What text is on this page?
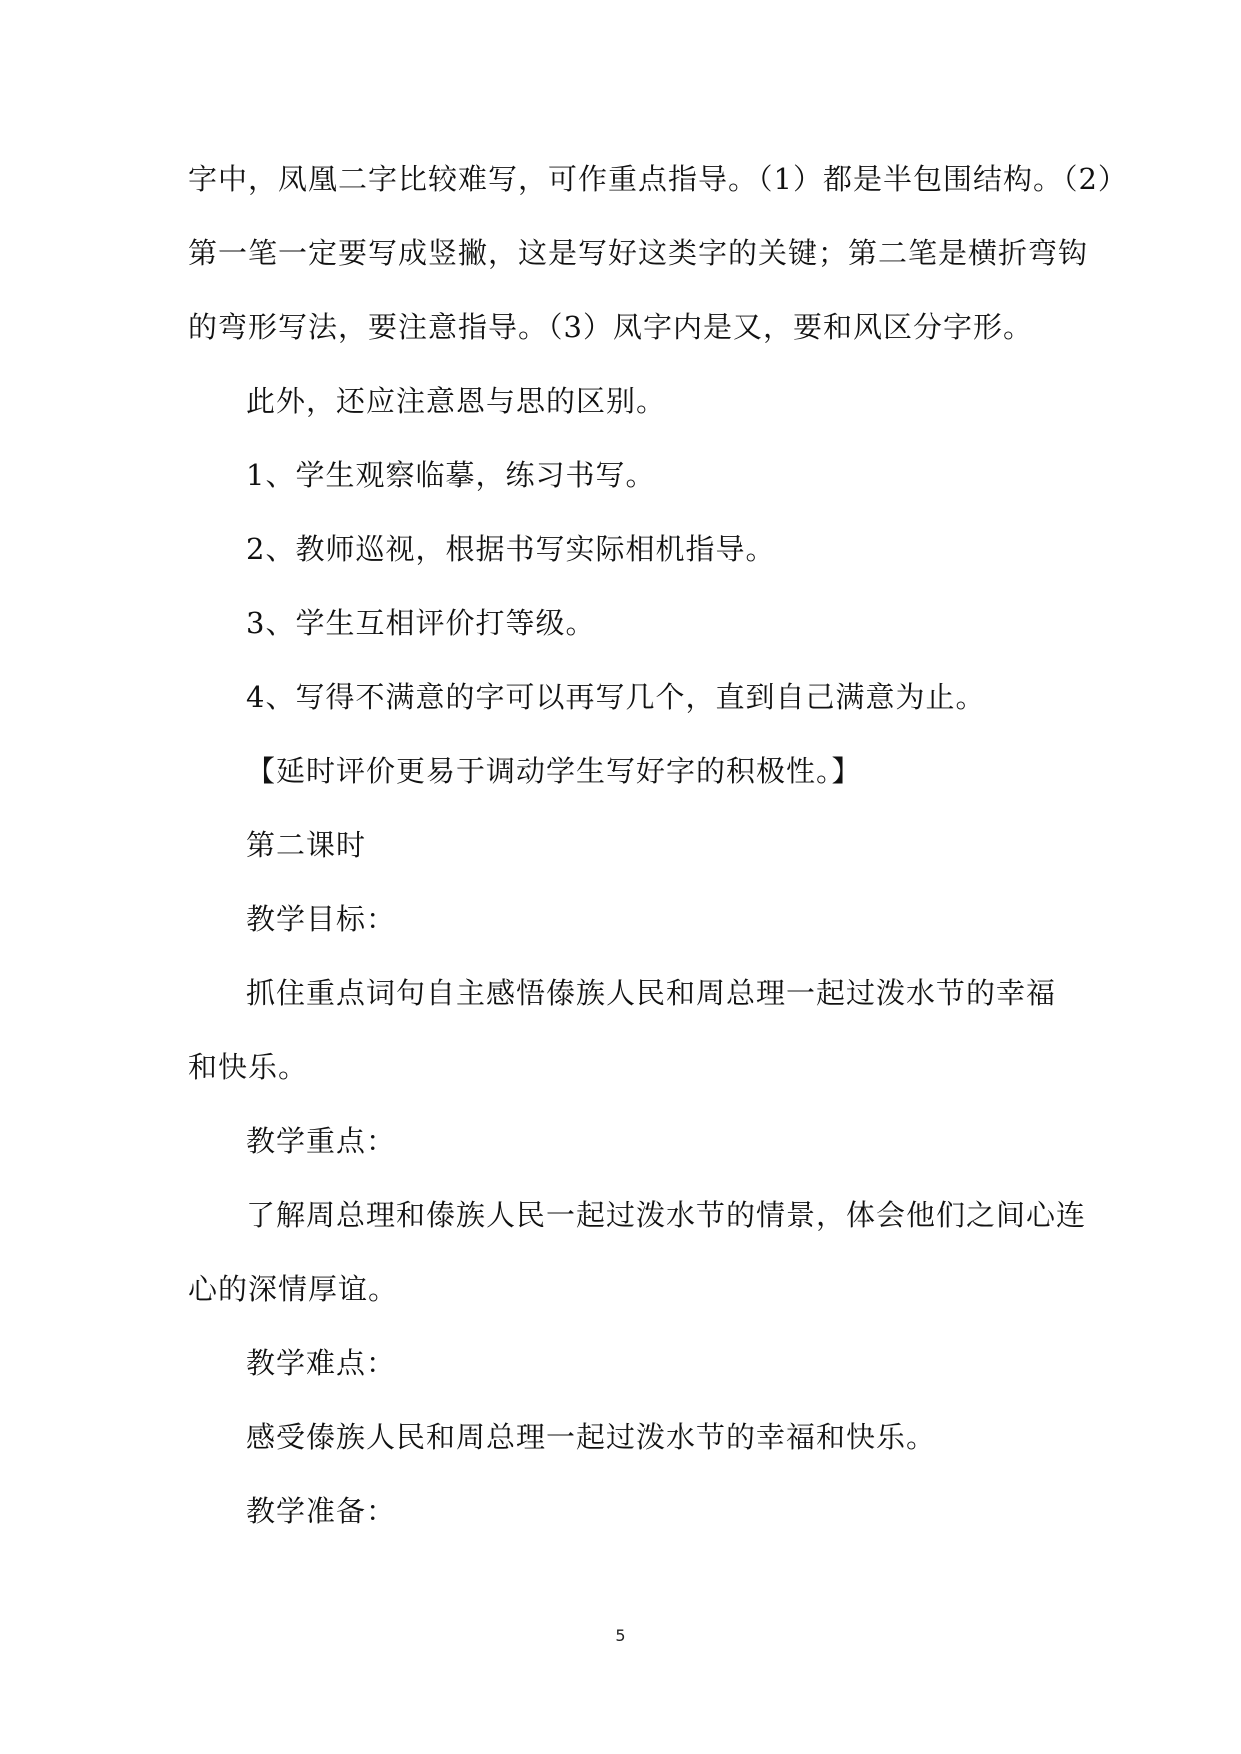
字中，凤凰二字比较难写，可作重点指导。（1）都是半包围结构。（2）
第一笔一定要写成竖撇，这是写好这类字的关键；第二笔是横折弯钩
的弯形写法，要注意指导。（3）凤字内是又，要和风区分字形。
此外，还应注意恩与思的区别。
1、学生观察临摹，练习书写。
2、教师巡视，根据书写实际相机指导。
3、学生互相评价打等级。
4、写得不满意的字可以再写几个，直到自己满意为止。
【延时评价更易于调动学生写好字的积极性。】
第二课时
教学目标：
抓住重点词句自主感悟傣族人民和周总理一起过泼水节的幸福
和快乐。
教学重点：
了解周总理和傣族人民一起过泼水节的情景，体会他们之间心连
心的深情厚谊。
教学难点：
感受傣族人民和周总理一起过泼水节的幸福和快乐。
教学准备：
5
